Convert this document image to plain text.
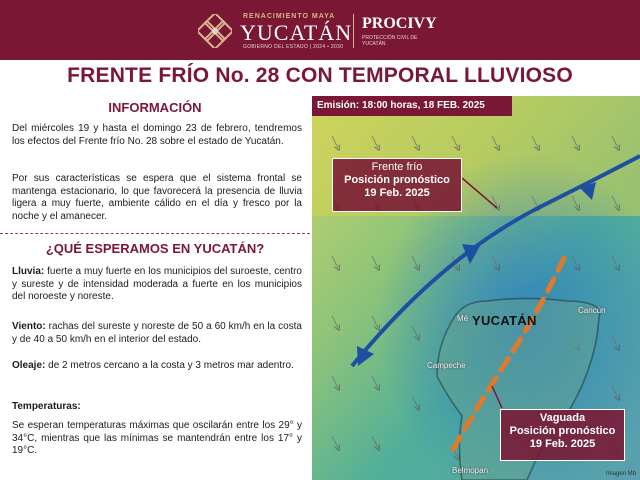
RENACIMIENTO MAYA
YUCATÁN
GOBIERNO DEL ESTADO | 2024 • 2030
PROCIVY
PROTECCIÓN CIVIL DE YUCATÁN
FRENTE FRÍO No. 28 CON TEMPORAL LLUVIOSO
INFORMACIÓN
Del miércoles 19 y hasta el domingo 23 de febrero, tendremos los efectos del Frente frío No. 28 sobre el estado de Yucatán.
Por sus características se espera que el sistema frontal se mantenga estacionario, lo que favorecerá la presencia de lluvia ligera a muy fuerte, ambiente cálido en el día y fresco por la noche y el amanecer.
¿QUÉ ESPERAMOS EN YUCATÁN?
Lluvia: fuerte a muy fuerte en los municipios del suroeste, centro y sureste y de intensidad moderada a fuerte en los municipios del noroeste y noreste.
Viento: rachas del sureste y noreste de 50 a 60 km/h en la costa y de 40 a 50 km/h en el interior del estado.
Oleaje: de 2 metros cercano a la costa y 3 metros mar adentro.
Temperaturas:
Se esperan temperaturas máximas que oscilarán entre los 29° y 34°C, mientras que las mínimas se mantendrán entre los 17° y 19°C.
Emisión: 18:00 horas, 18 FEB. 2025
Frente frío
Posición pronóstico
19 Feb. 2025
Vaguada
Posición pronóstico
19 Feb. 2025
YUCATÁN
Mé
Cancún
Campeche
Belmopan	Imagen Mb
